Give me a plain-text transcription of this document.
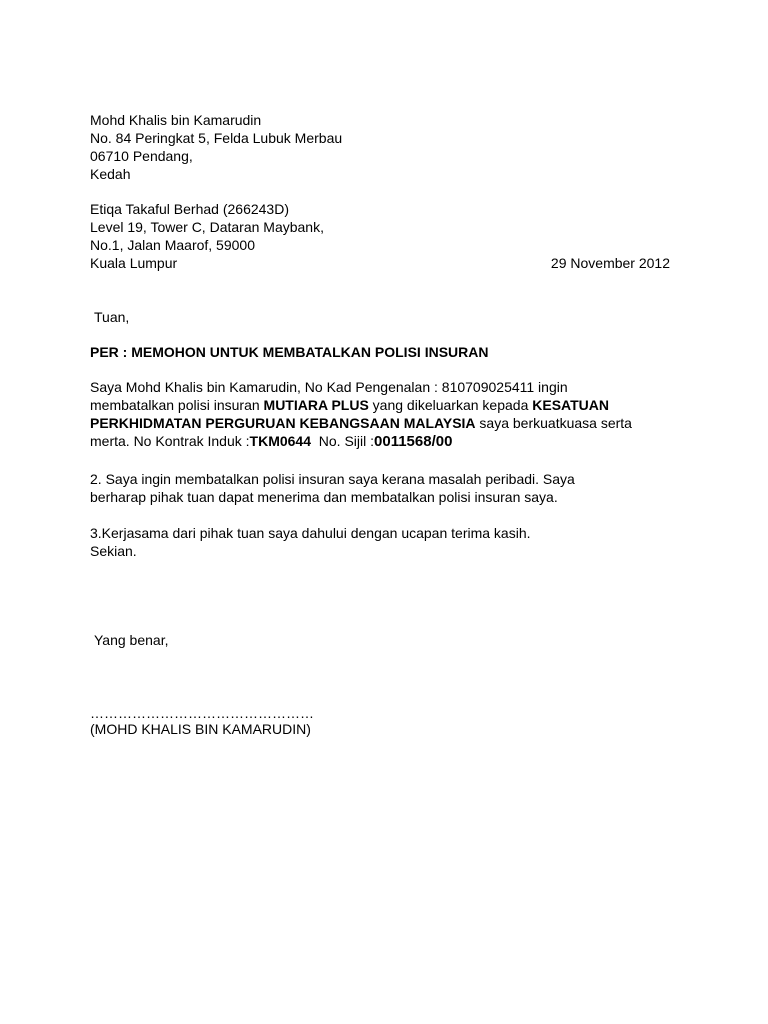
Mohd Khalis bin Kamarudin
No. 84 Peringkat 5, Felda Lubuk Merbau
06710 Pendang,
Kedah
Etiqa Takaful Berhad (266243D)
Level 19, Tower C, Dataran Maybank,
No.1, Jalan Maarof, 59000
Kuala Lumpur	29 November 2012
Tuan,
PER : MEMOHON UNTUK MEMBATALKAN POLISI INSURAN
Saya Mohd Khalis bin Kamarudin, No Kad Pengenalan : 810709025411 ingin
membatalkan polisi insuran MUTIARA PLUS yang dikeluarkan kepada KESATUAN
PERKHIDMATAN PERGURUAN KEBANGSAAN MALAYSIA saya berkuatkuasa serta
merta. No Kontrak Induk :TKM0644  No. Sijil :0011568/00
2. Saya ingin membatalkan polisi insuran saya kerana masalah peribadi. Saya
berharap pihak tuan dapat menerima dan membatalkan polisi insuran saya.
3.Kerjasama dari pihak tuan saya dahului dengan ucapan terima kasih.
Sekian.
Yang benar,
…………………………………………
(MOHD KHALIS BIN KAMARUDIN)
